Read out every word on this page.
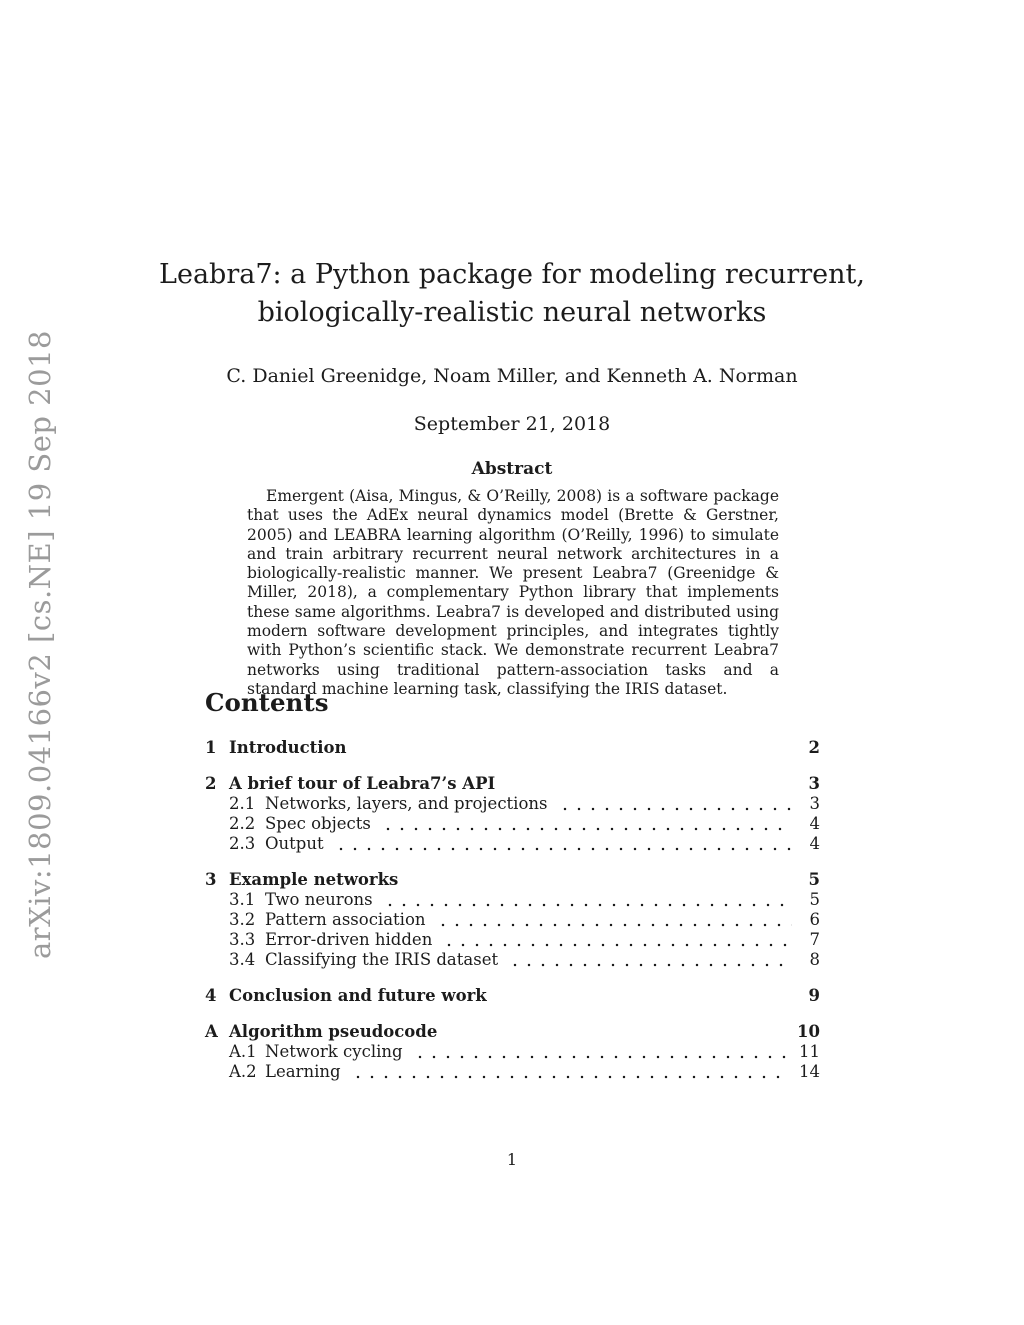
arXiv:1809.04166v2 [cs.NE] 19 Sep 2018
Leabra7: a Python package for modeling recurrent,
biologically-realistic neural networks
C. Daniel Greenidge, Noam Miller, and Kenneth A. Norman
September 21, 2018
Abstract

Emergent (Aisa, Mingus, & O’Reilly, 2008) is a software package that uses the AdEx neural dynamics model (Brette & Gerstner, 2005) and LEABRA learning algorithm (O’Reilly, 1996) to simulate and train arbitrary recurrent neural network architectures in a biologically-realistic manner. We present Leabra7 (Greenidge & Miller, 2018), a complementary Python library that implements these same algorithms. Leabra7 is developed and distributed using modern software development principles, and integrates tightly with Python’s scientific stack. We demonstrate recurrent Leabra7 networks using traditional pattern-association tasks and a standard machine learning task, classifying the IRIS dataset.

Contents
1 Introduction	2
2 A brief tour of Leabra7’s API	3
2.1 Networks, layers, and projections	3
2.2 Spec objects	4
2.3 Output	4
3 Example networks	5
3.1 Two neurons	5
3.2 Pattern association	6
3.3 Error-driven hidden	7
3.4 Classifying the IRIS dataset	8
4 Conclusion and future work	9
A Algorithm pseudocode	10
A.1 Network cycling	11
A.2 Learning	14
1
